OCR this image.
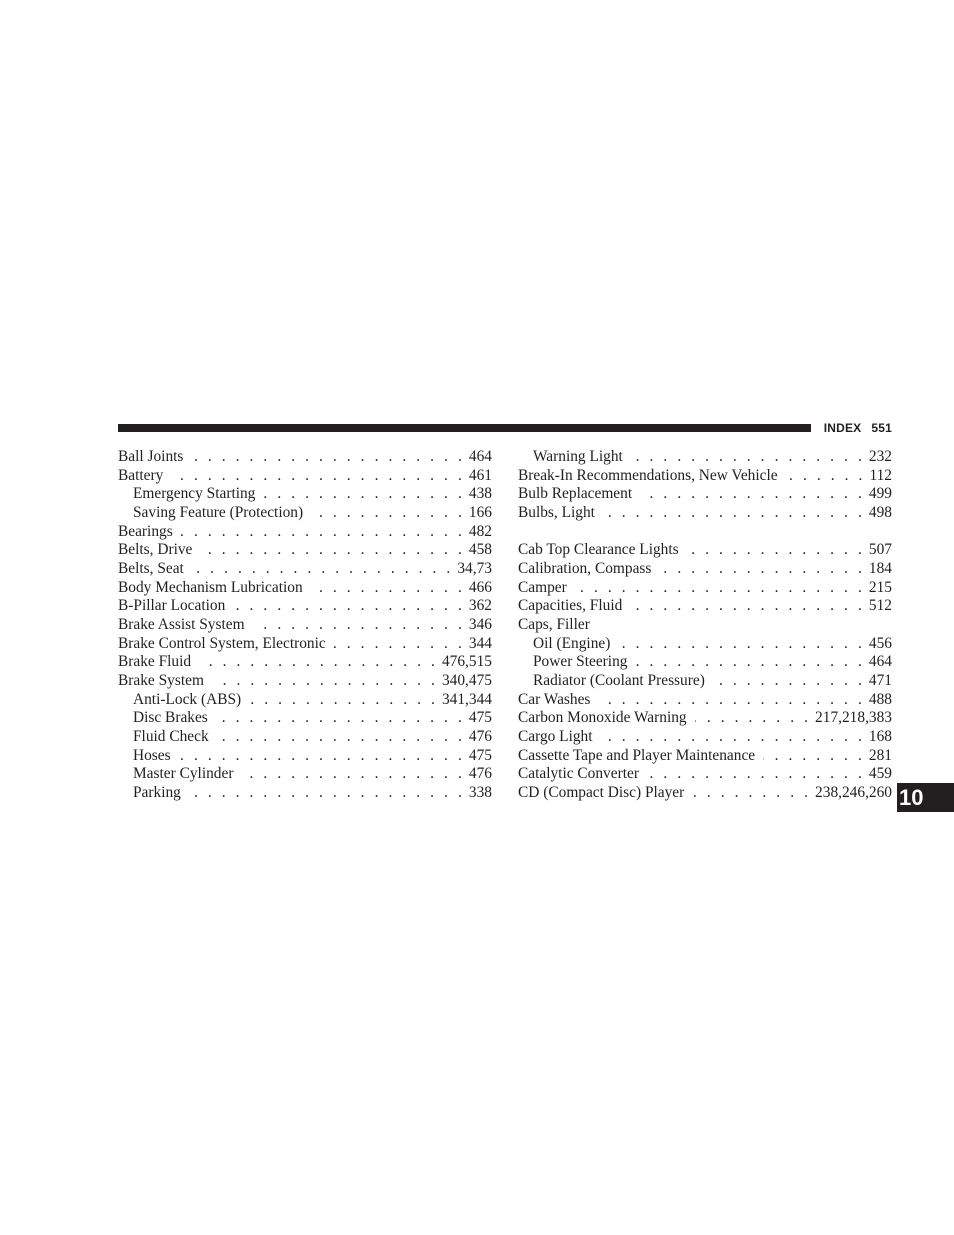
INDEX 551
Ball Joints . . .	464
Battery . . .	461
Emergency Starting . . .	438
Saving Feature (Protection) . . .	166
Bearings . . .	482
Belts, Drive . . .	458
Belts, Seat . . .	34,73
Body Mechanism Lubrication . . .	466
B-Pillar Location . . .	362
Brake Assist System . . .	346
Brake Control System, Electronic . . .	344
Brake Fluid . . .	476,515
Brake System . . .	340,475
Anti-Lock (ABS) . . .	341,344
Disc Brakes . . .	475
Fluid Check . . .	476
Hoses . . .	475
Master Cylinder . . .	476
Parking . . .	338
Warning Light . . .	232
Break-In Recommendations, New Vehicle . . .	112
Bulb Replacement . . .	499
Bulbs, Light . . .	498
Cab Top Clearance Lights . . .	507
Calibration, Compass . . .	184
Camper . . .	215
Capacities, Fluid . . .	512
Caps, Filler
Oil (Engine) . . .	456
Power Steering . . .	464
Radiator (Coolant Pressure) . . .	471
Car Washes . . .	488
Carbon Monoxide Warning . . .	217,218,383
Cargo Light . . .	168
Cassette Tape and Player Maintenance . . .	281
Catalytic Converter . . .	459
CD (Compact Disc) Player . . .	238,246,260 10
